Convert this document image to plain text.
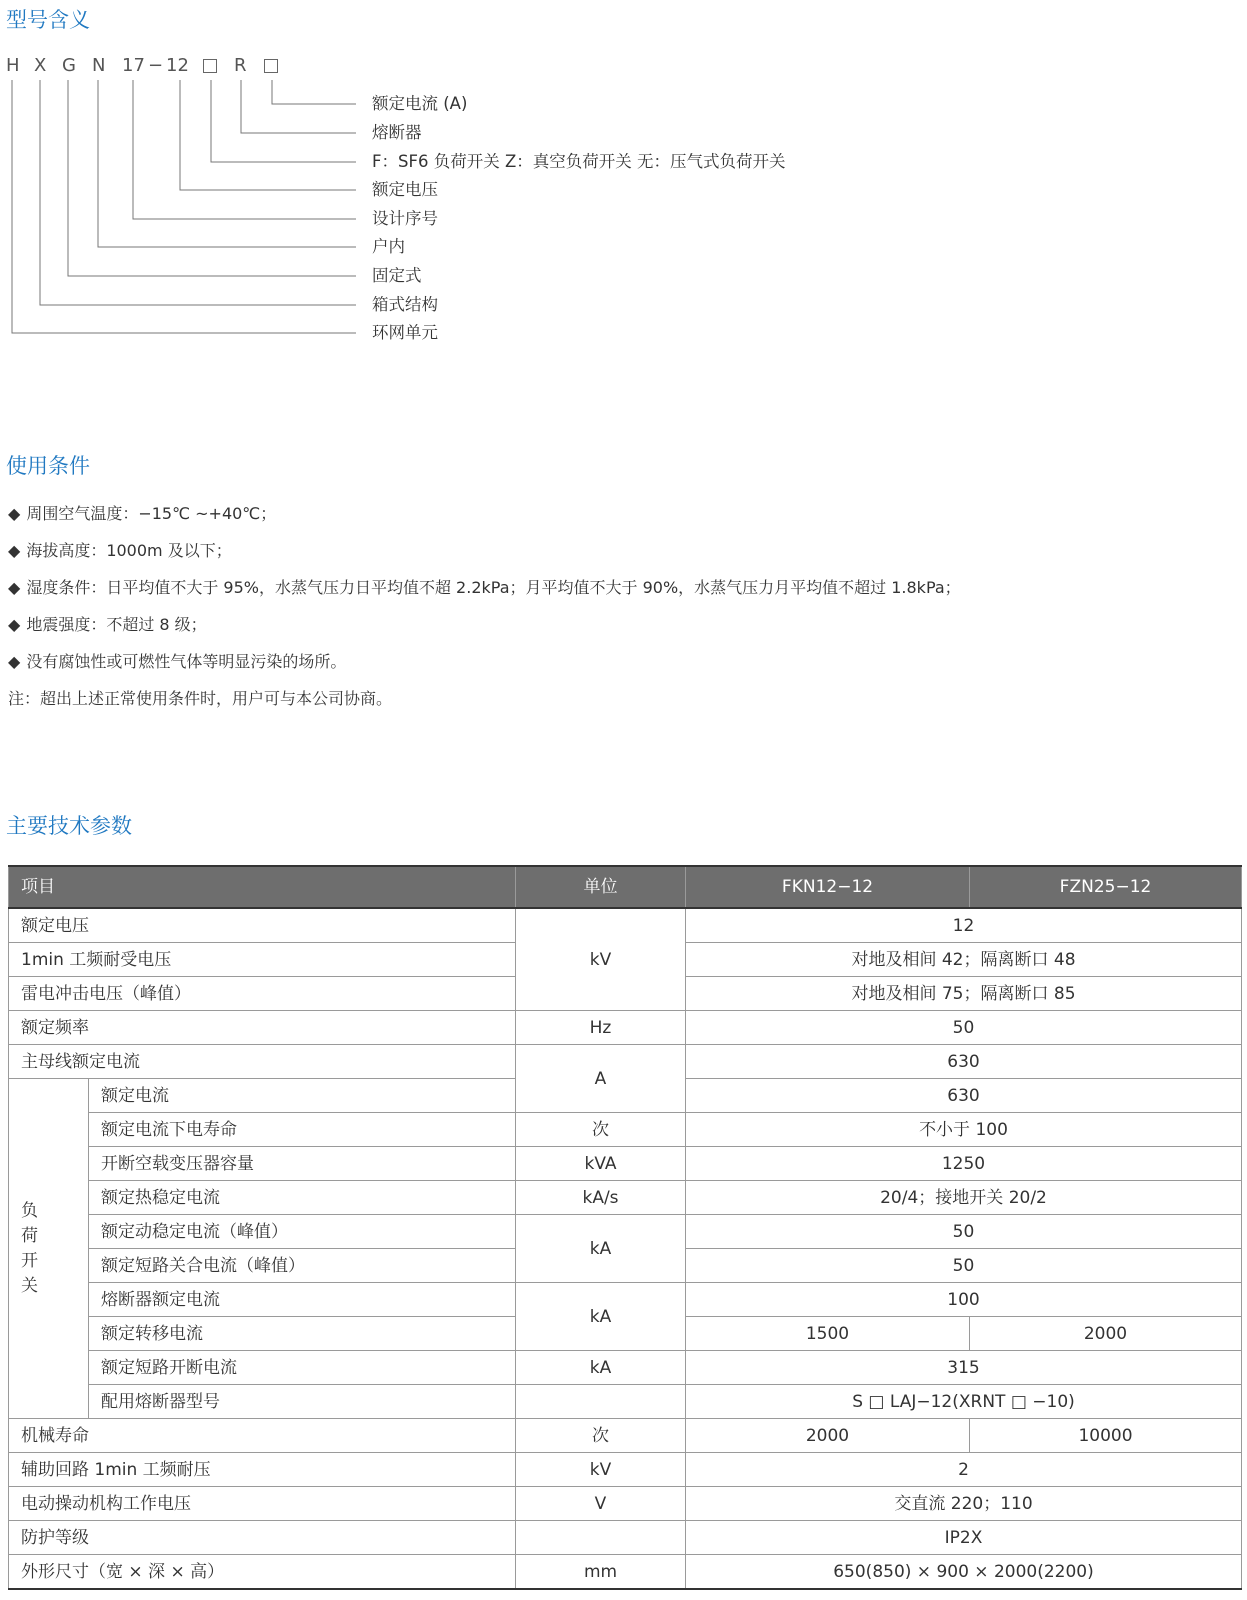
型号含义
H X G N 17 − 12	R
额定电流 (A)
熔断器
F：SF6 负荷开关 Z：真空负荷开关 无：压气式负荷开关
额定电压
设计序号
户内
固定式
箱式结构
环网单元
使用条件
◆ 周围空气温度：−15℃ ~+40℃；
◆ 海拔高度：1000m 及以下；
◆ 湿度条件：日平均值不大于 95%，水蒸气压力日平均值不超 2.2kPa；月平均值不大于 90%，水蒸气压力月平均值不超过 1.8kPa；
◆ 地震强度：不超过 8 级；
◆ 没有腐蚀性或可燃性气体等明显污染的场所。
注：超出上述正常使用条件时，用户可与本公司协商。
主要技术参数
项目		单位	FKN12−12	FZN25−12
额定电压		kV	12	
1min 工频耐受电压			对地及相间 42；隔离断口 48	
雷电冲击电压（峰值）			对地及相间 75；隔离断口 85	
额定频率		Hz	50	
主母线额定电流		A	630	

负荷开关	额定电流		630	
	额定电流下电寿命	次	不小于 100	
	开断空载变压器容量	kVA	1250	
	额定热稳定电流	kA/s	20/4；接地开关 20/2	
	额定动稳定电流（峰值）	kA	50	
	额定短路关合电流（峰值）		50	
	熔断器额定电流	kA	100	
	额定转移电流		1500	2000
	额定短路开断电流	kA	315	
	配用熔断器型号		S □ LAJ−12(XRNT □ −10)	
机械寿命		次	2000	10000
辅助回路 1min 工频耐压		kV	2	
电动操动机构工作电压		V	交直流 220；110	
防护等级			IP2X	
外形尺寸（宽 × 深 × 高）		mm	650(850) × 900 × 2000(2200)	
